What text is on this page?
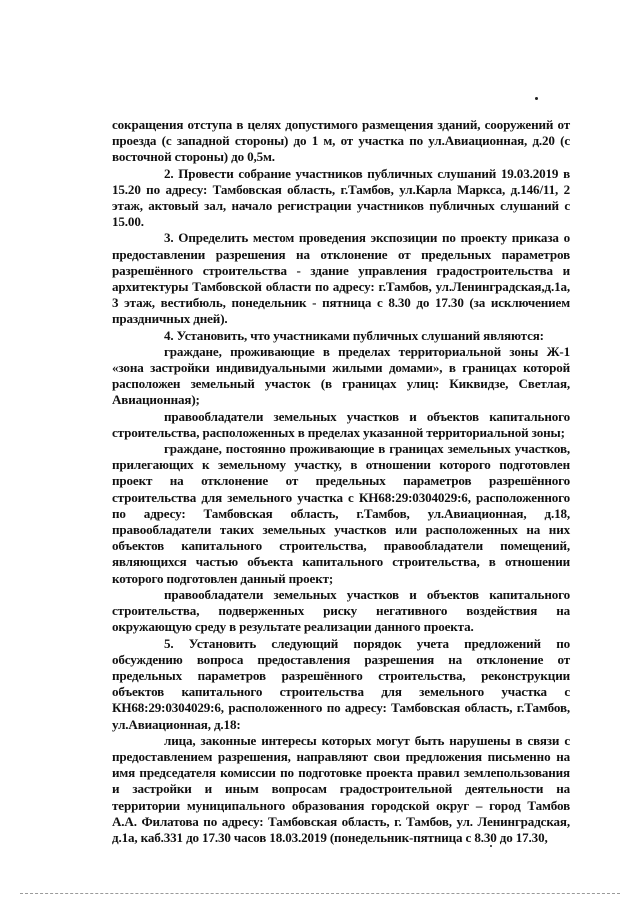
сокращения отступа в целях допустимого размещения зданий, сооружений от проезда (с западной стороны) до 1 м, от участка по ул.Авиационная, д.20 (с восточной стороны) до 0,5м.

2. Провести собрание участников публичных слушаний 19.03.2019 в 15.20 по адресу: Тамбовская область, г.Тамбов, ул.Карла Маркса, д.146/11, 2 этаж, актовый зал, начало регистрации участников публичных слушаний с 15.00.

3. Определить местом проведения экспозиции по проекту приказа о предоставлении разрешения на отклонение от предельных параметров разрешённого строительства - здание управления градостроительства и архитектуры Тамбовской области по адресу: г.Тамбов, ул.Ленинградская,д.1а, 3 этаж, вестибюль, понедельник - пятница с 8.30 до 17.30 (за исключением праздничных дней).

4. Установить, что участниками публичных слушаний являются:

граждане, проживающие в пределах территориальной зоны Ж-1 «зона застройки индивидуальными жилыми домами», в границах которой расположен земельный участок (в границах улиц: Киквидзе, Светлая, Авиационная);

правообладатели земельных участков и объектов капитального строительства, расположенных в пределах указанной территориальной зоны;

граждане, постоянно проживающие в границах земельных участков, прилегающих к земельному участку, в отношении которого подготовлен проект на отклонение от предельных параметров разрешённого строительства для земельного участка с КН68:29:0304029:6, расположенного по адресу: Тамбовская область, г.Тамбов, ул.Авиационная, д.18, правообладатели таких земельных участков или расположенных на них объектов капитального строительства, правообладатели помещений, являющихся частью объекта капитального строительства, в отношении которого подготовлен данный проект;

правообладатели земельных участков и объектов капитального строительства, подверженных риску негативного воздействия на окружающую среду в результате реализации данного проекта.

5. Установить следующий порядок учета предложений по обсуждению вопроса предоставления разрешения на отклонение от предельных параметров разрешённого строительства, реконструкции объектов капитального строительства для земельного участка с КН68:29:0304029:6, расположенного по адресу: Тамбовская область, г.Тамбов, ул.Авиационная, д.18:

лица, законные интересы которых могут быть нарушены в связи с предоставлением разрешения, направляют свои предложения письменно на имя председателя комиссии по подготовке проекта правил землепользования и застройки и иным вопросам градостроительной деятельности на территории муниципального образования городской округ – город Тамбов А.А. Филатова по адресу: Тамбовская область, г. Тамбов, ул. Ленинградская, д.1а, каб.331 до 17.30 часов 18.03.2019 (понедельник-пятница с 8.30 до 17.30,
